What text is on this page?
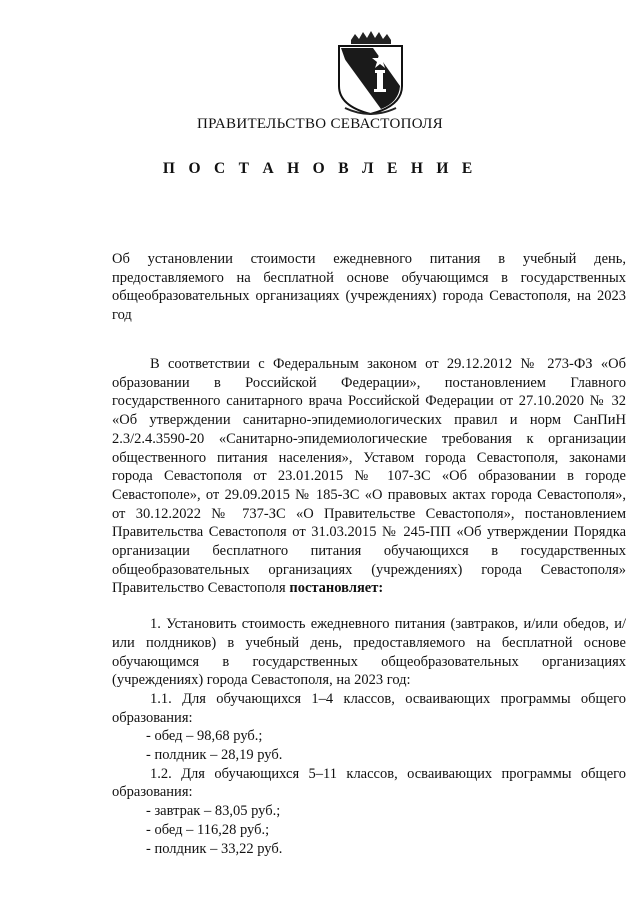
ПРАВИТЕЛЬСТВО СЕВАСТОПОЛЯ
П О С Т А Н О В Л Е Н И Е
Об установлении стоимости ежедневного питания в учебный день, предоставляемого на бесплатной основе обучающимся в государственных общеобразовательных организациях (учреждениях) города Севастополя, на 2023 год

В соответствии с Федеральным законом от 29.12.2012 № 273-ФЗ «Об образовании в Российской Федерации», постановлением Главного государственного санитарного врача Российской Федерации от 27.10.2020 № 32 «Об утверждении санитарно-эпидемиологических правил и норм СанПиН 2.3/2.4.3590-20 «Санитарно-эпидемиологические требования к организации общественного питания населения», Уставом города Севастополя, законами города Севастополя от 23.01.2015 № 107-ЗС «Об образовании в городе Севастополе», от 29.09.2015 № 185-ЗС «О правовых актах города Севастополя», от 30.12.2022 № 737-ЗС «О Правительстве Севастополя», постановлением Правительства Севастополя от 31.03.2015 № 245-ПП «Об утверждении Порядка организации бесплатного питания обучающихся в государственных общеобразовательных организациях (учреждениях) города Севастополя» Правительство Севастополя постановляет:

1. Установить стоимость ежедневного питания (завтраков, и/или обедов, и/или полдников) в учебный день, предоставляемого на бесплатной основе обучающимся в государственных общеобразовательных организациях (учреждениях) города Севастополя, на 2023 год:

1.1. Для обучающихся 1–4 классов, осваивающих программы общего образования:

- обед – 98,68 руб.;

- полдник – 28,19 руб.

1.2. Для обучающихся 5–11 классов, осваивающих программы общего образования:

- завтрак – 83,05 руб.;

- обед – 116,28 руб.;

- полдник – 33,22 руб.
